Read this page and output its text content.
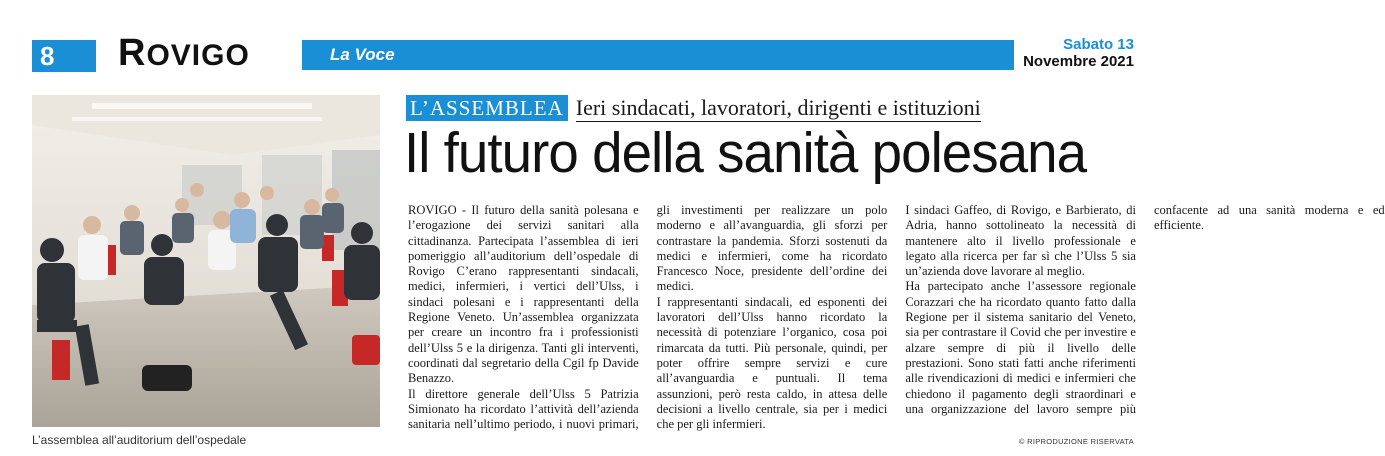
8	ROVIGO	La Voce
Sabato 13
Novembre 2021
L’assemblea all’auditorium dell’ospedale
L’ASSEMBLEA Ieri sindacati, lavoratori, dirigenti e istituzioni
Il futuro della sanità polesana

ROVIGO - Il futuro della sanità polesana e l’erogazione dei servizi sanitari alla cittadinanza. Partecipata l’assemblea di ieri pomeriggio all’auditorium dell’ospedale di Rovigo C’erano rappresentanti sindacali, medici, infermieri, i vertici dell’Ulss, i sindaci polesani e i rappresentanti della Regione Veneto. Un’assemblea organizzata per creare un incontro fra i professionisti dell’Ulss 5 e la dirigenza. Tanti gli interventi, coordinati dal segretario della Cgil fp Davide Benazzo.

Il direttore generale dell’Ulss 5 Patrizia Simionato ha ricordato l’attività dell’azienda sanitaria nell’ultimo periodo, i nuovi primari, gli investimenti per realizzare un polo moderno e all’avanguardia, gli sforzi per contrastare la pandemia. Sforzi sostenuti da medici e infermieri, come ha ricordato Francesco Noce, presidente dell’ordine dei medici.

I rappresentanti sindacali, ed esponenti dei lavoratori dell’Ulss hanno ricordato la necessità di potenziare l’organico, cosa poi rimarcata da tutti. Più personale, quindi, per poter offrire sempre servizi e cure all’avanguardia e puntuali. Il tema assunzioni, però resta caldo, in attesa delle decisioni a livello centrale, sia per i medici che per gli infermieri.

I sindaci Gaffeo, di Rovigo, e Barbierato, di Adria, hanno sottolineato la necessità di mantenere alto il livello professionale e legato alla ricerca per far sì che l’Ulss 5 sia un’azienda dove lavorare al meglio.

Ha partecipato anche l’assessore regionale Corazzari che ha ricordato quanto fatto dalla Regione per il sistema sanitario del Veneto, sia per contrastare il Covid che per investire e alzare sempre di più il livello delle prestazioni. Sono stati fatti anche riferimenti alle rivendicazioni di medici e infermieri che chiedono il pagamento degli straordinari e una organizzazione del lavoro sempre più confacente ad una sanità moderna e ed efficiente.

© RIPRODUZIONE RISERVATA
